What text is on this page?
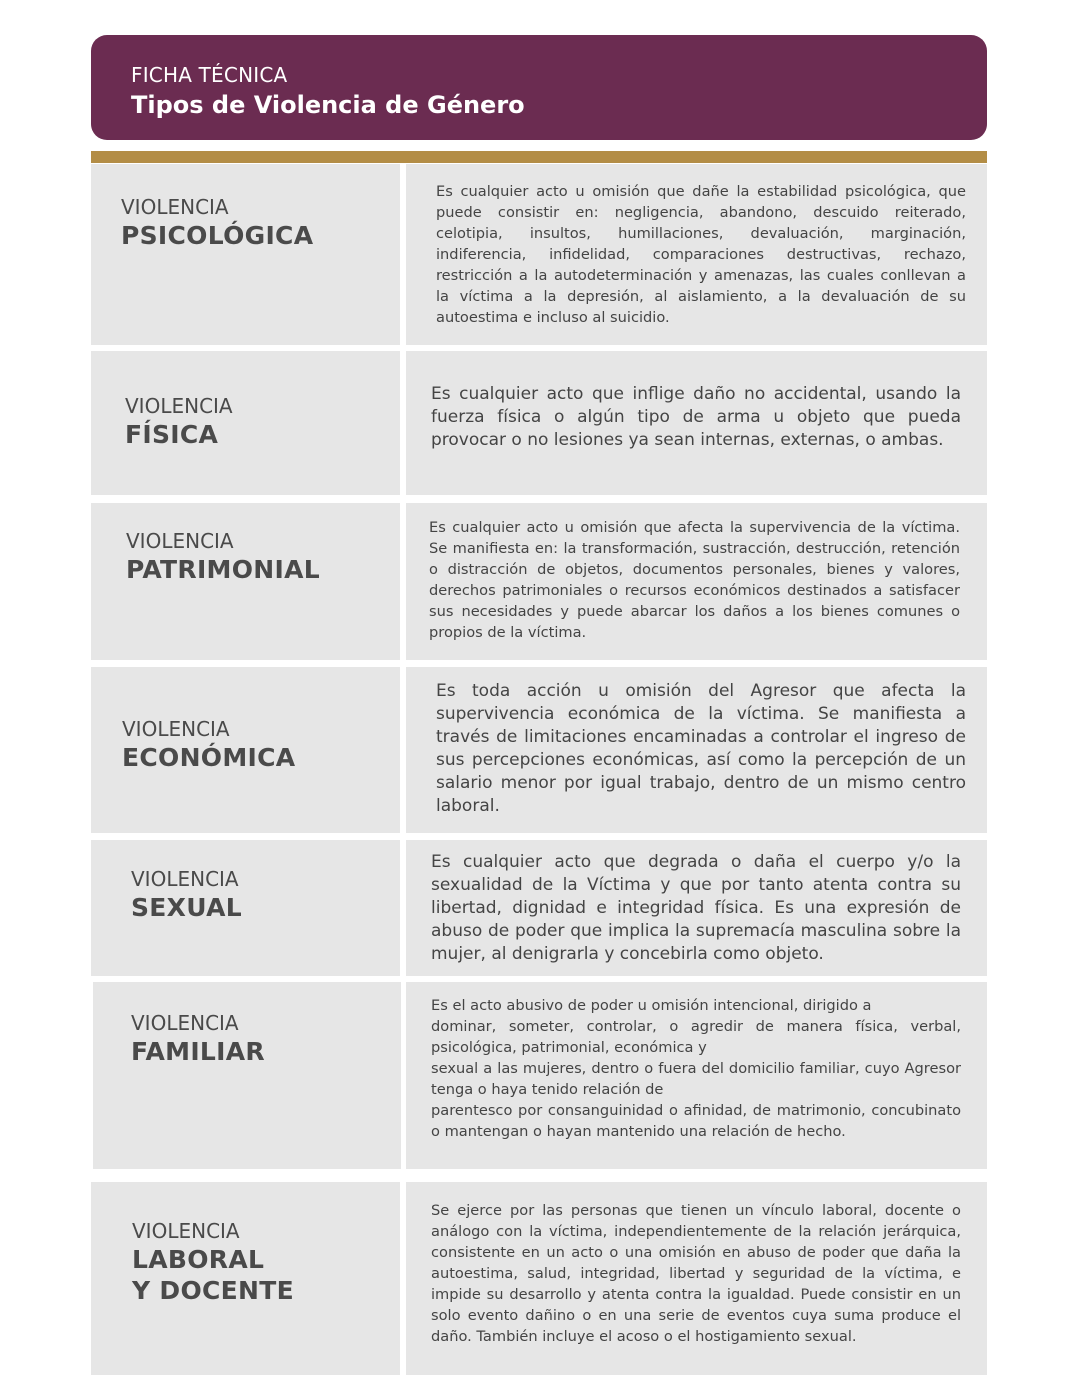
FICHA TÉCNICA
Tipos de Violencia de Género
VIOLENCIA
PSICOLÓGICA

Es cualquier acto u omisión que dañe la estabilidad psicológica, que puede consistir en: negligencia, abandono, descuido reiterado, celotipia, insultos, humillaciones, devaluación, marginación, indiferencia, infidelidad, comparaciones destructivas, rechazo, restricción a la autodeterminación y amenazas, las cuales conllevan a la víctima a la depresión, al aislamiento, a la devaluación de su autoestima e incluso al suicidio.

VIOLENCIA
FÍSICA

Es cualquier acto que inflige daño no accidental, usando la fuerza física o algún tipo de arma u objeto que pueda provocar o no lesiones ya sean internas, externas, o ambas.

VIOLENCIA
PATRIMONIAL

Es cualquier acto u omisión que afecta la supervivencia de la víctima. Se manifiesta en: la transformación, sustracción, destrucción, retención o distracción de objetos, documentos personales, bienes y valores, derechos patrimoniales o recursos económicos destinados a satisfacer sus necesidades y puede abarcar los daños a los bienes comunes o propios de la víctima.

VIOLENCIA
ECONÓMICA

Es toda acción u omisión del Agresor que afecta la supervivencia económica de la víctima. Se manifiesta a través de limitaciones encaminadas a controlar el ingreso de sus percepciones económicas, así como la percepción de un salario menor por igual trabajo, dentro de un mismo centro laboral.

VIOLENCIA
SEXUAL

Es cualquier acto que degrada o daña el cuerpo y/o la sexualidad de la Víctima y que por tanto atenta contra su libertad, dignidad e integridad física. Es una expresión de abuso de poder que implica la supremacía masculina sobre la mujer, al denigrarla y concebirla como objeto.

VIOLENCIA
FAMILIAR
Es el acto abusivo de poder u omisión intencional, dirigido a
dominar, someter, controlar, o agredir de manera física, verbal, psicológica, patrimonial, económica y
sexual a las mujeres, dentro o fuera del domicilio familiar, cuyo Agresor tenga o haya tenido relación de
parentesco por consanguinidad o afinidad, de matrimonio, concubinato o mantengan o hayan mantenido una relación de hecho.
VIOLENCIA
LABORAL
Y DOCENTE

Se ejerce por las personas que tienen un vínculo laboral, docente o análogo con la víctima, independientemente de la relación jerárquica, consistente en un acto o una omisión en abuso de poder que daña la autoestima, salud, integridad, libertad y seguridad de la víctima, e impide su desarrollo y atenta contra la igualdad. Puede consistir en un solo evento dañino o en una serie de eventos cuya suma produce el daño. También incluye el acoso o el hostigamiento sexual.
